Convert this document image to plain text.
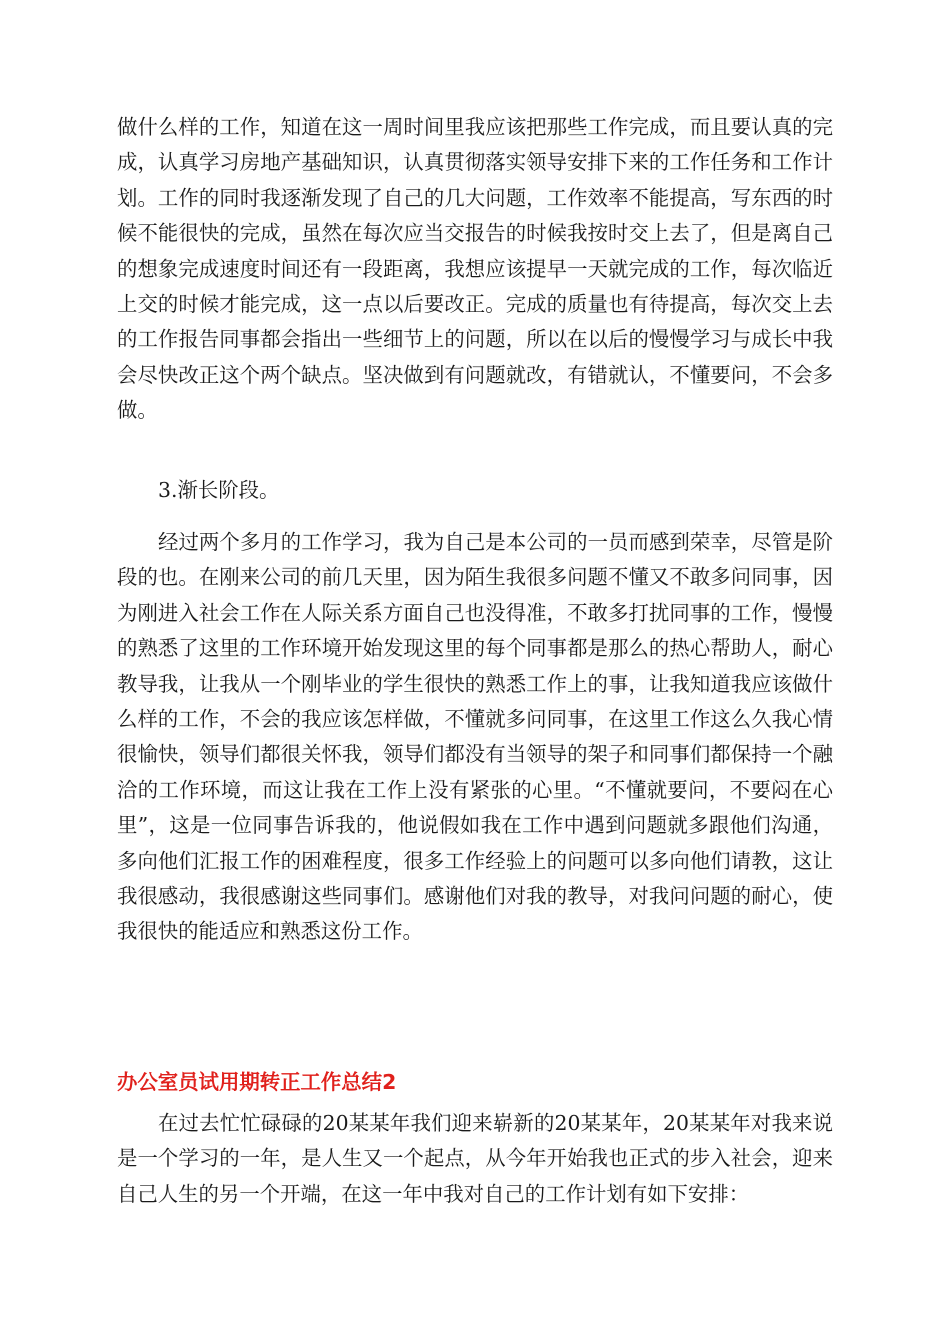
做什么样的工作，知道在这一周时间里我应该把那些工作完成，而且要认真的完成，认真学习房地产基础知识，认真贯彻落实领导安排下来的工作任务和工作计划。工作的同时我逐渐发现了自己的几大问题，工作效率不能提高，写东西的时候不能很快的完成，虽然在每次应当交报告的时候我按时交上去了，但是离自己的想象完成速度时间还有一段距离，我想应该提早一天就完成的工作，每次临近上交的时候才能完成，这一点以后要改正。完成的质量也有待提高，每次交上去的工作报告同事都会指出一些细节上的问题，所以在以后的慢慢学习与成长中我会尽快改正这个两个缺点。坚决做到有问题就改，有错就认，不懂要问，不会多做。

3.渐长阶段。

经过两个多月的工作学习，我为自己是本公司的一员而感到荣幸，尽管是阶段的也。在刚来公司的前几天里，因为陌生我很多问题不懂又不敢多问同事，因为刚进入社会工作在人际关系方面自己也没得准，不敢多打扰同事的工作，慢慢的熟悉了这里的工作环境开始发现这里的每个同事都是那么的热心帮助人，耐心教导我，让我从一个刚毕业的学生很快的熟悉工作上的事，让我知道我应该做什么样的工作，不会的我应该怎样做，不懂就多问同事，在这里工作这么久我心情很愉快，领导们都很关怀我，领导们都没有当领导的架子和同事们都保持一个融洽的工作环境，而这让我在工作上没有紧张的心里。“不懂就要问，不要闷在心里”，这是一位同事告诉我的，他说假如我在工作中遇到问题就多跟他们沟通，多向他们汇报工作的困难程度，很多工作经验上的问题可以多向他们请教，这让我很感动，我很感谢这些同事们。感谢他们对我的教导，对我问问题的耐心，使我很快的能适应和熟悉这份工作。

办公室员试用期转正工作总结2

在过去忙忙碌碌的20某某年我们迎来崭新的20某某年，20某某年对我来说是一个学习的一年，是人生又一个起点，从今年开始我也正式的步入社会，迎来自己人生的另一个开端，在这一年中我对自己的工作计划有如下安排：
